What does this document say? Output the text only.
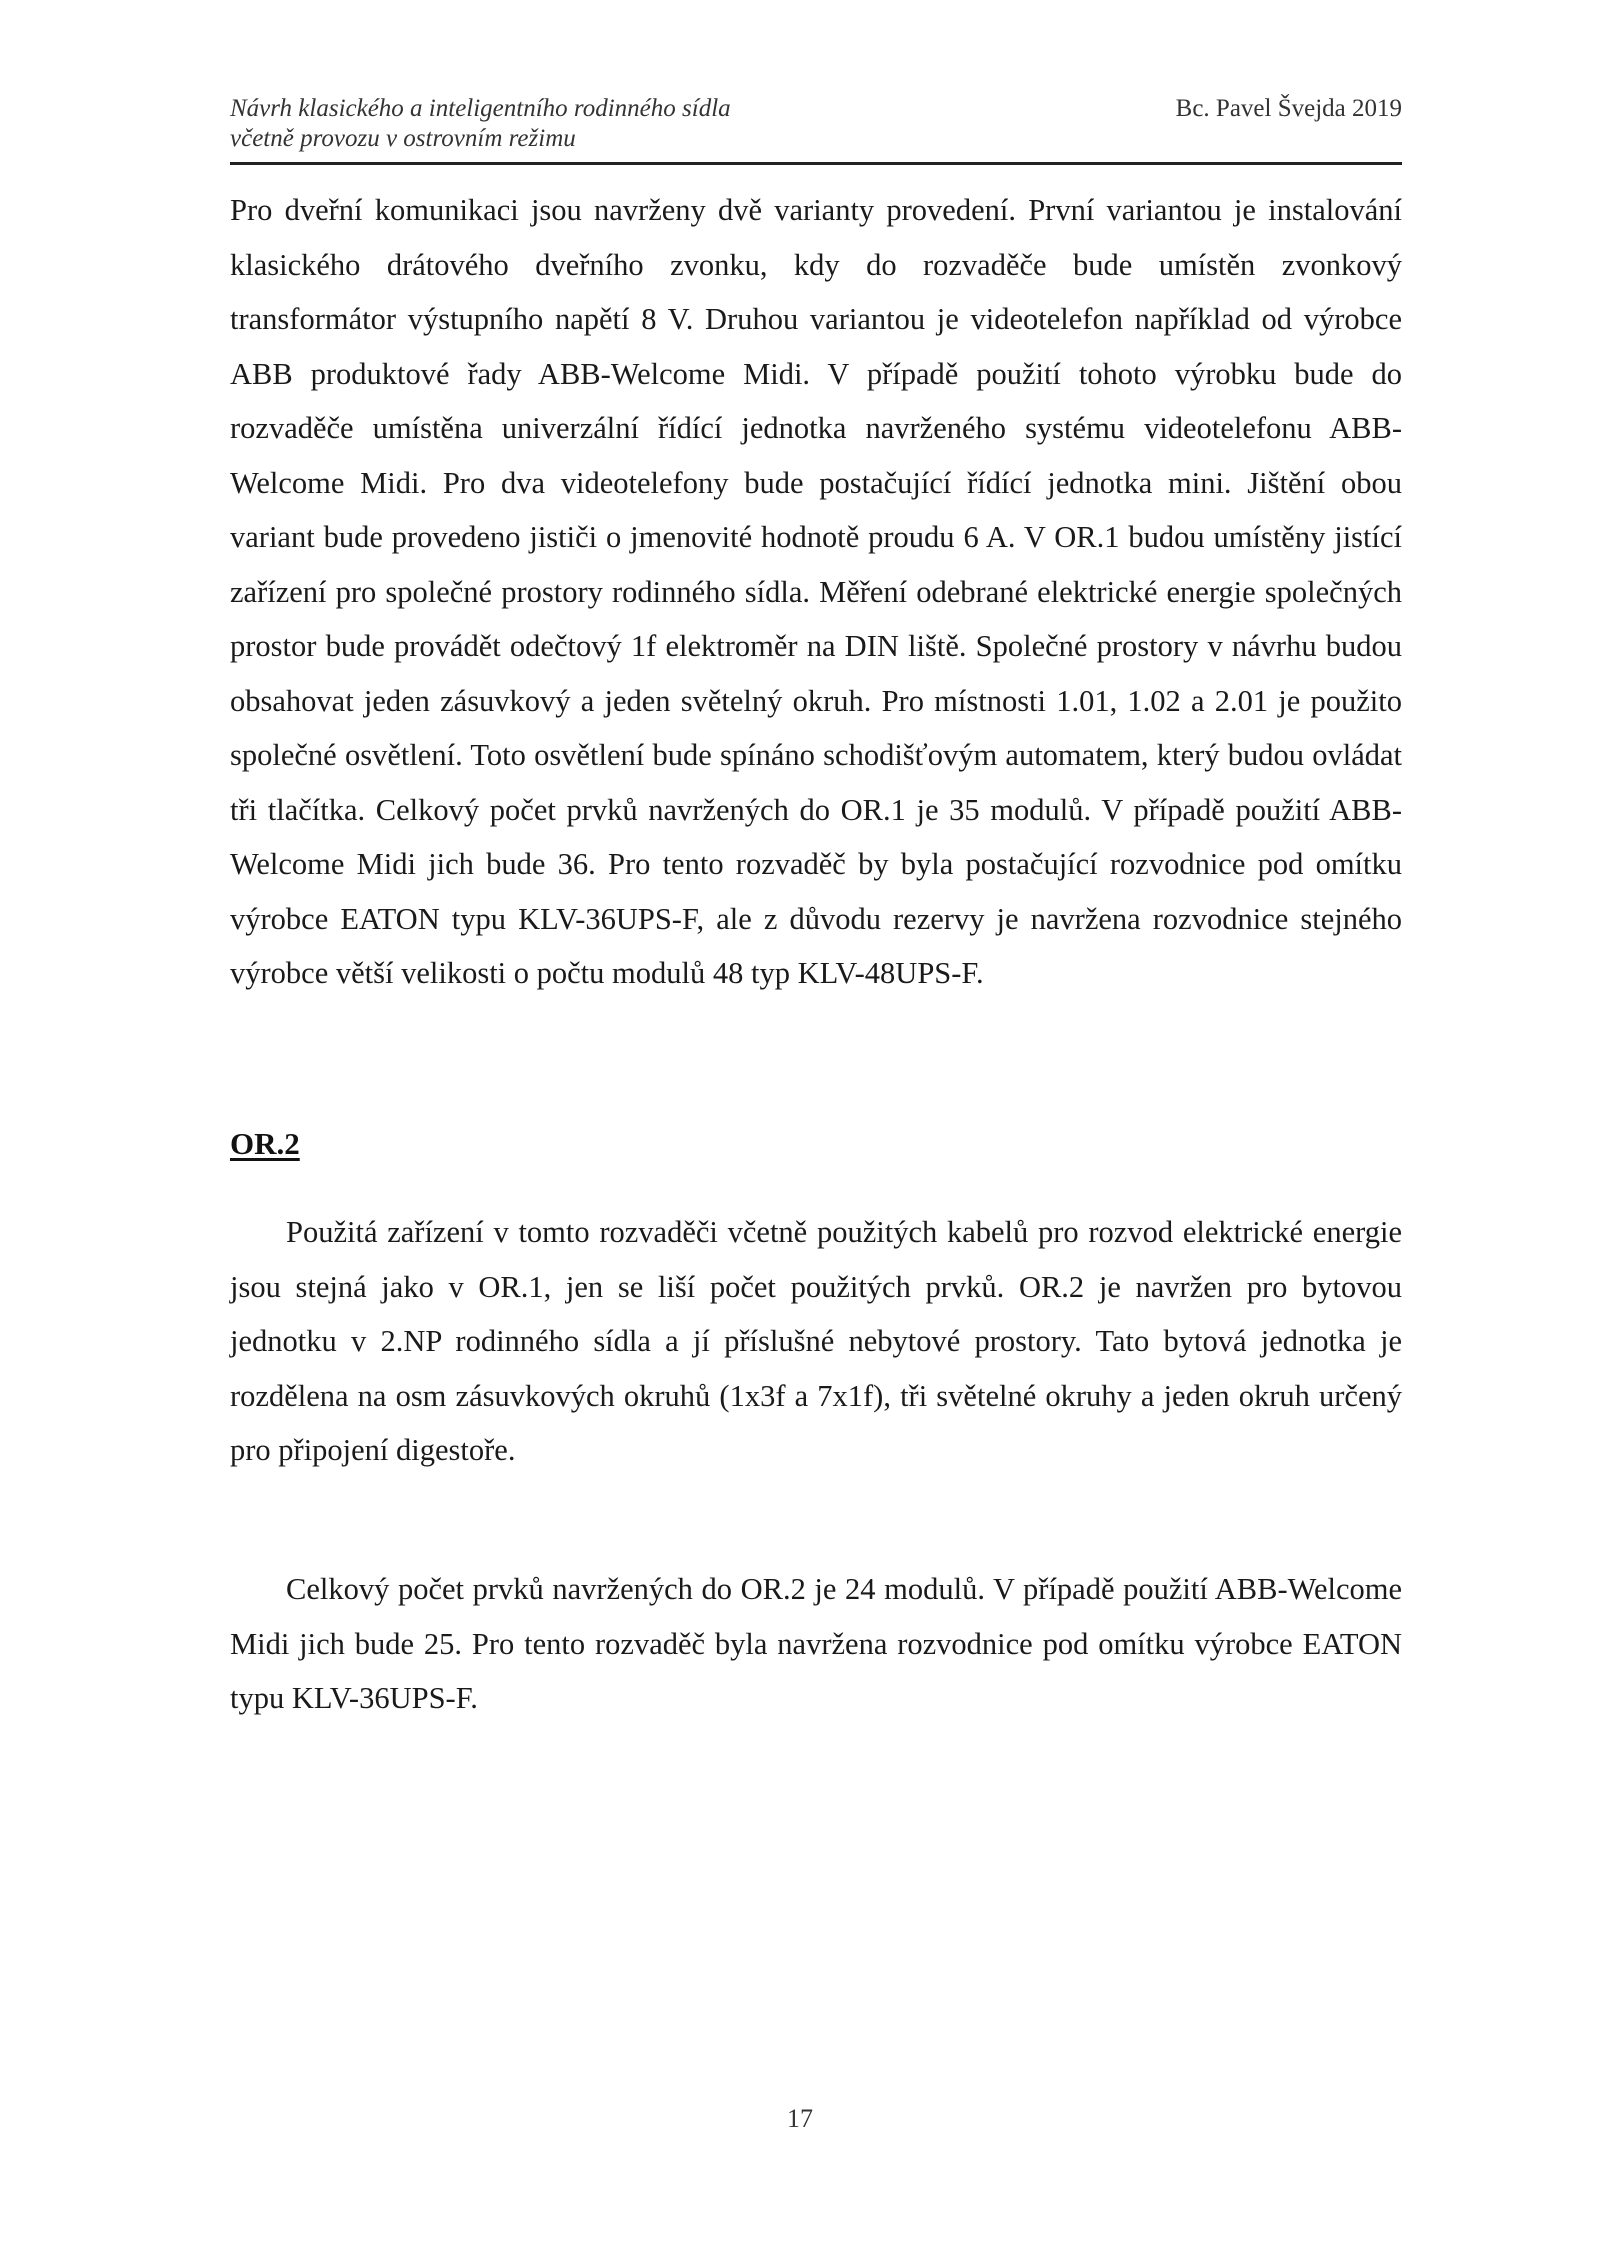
Návrh klasického a inteligentního rodinného sídla
včetně provozu v ostrovním režimu
Bc. Pavel Švejda 2019

Pro dveřní komunikaci jsou navrženy dvě varianty provedení. První variantou je instalování klasického drátového dveřního zvonku, kdy do rozvaděče bude umístěn zvonkový transformátor výstupního napětí 8 V. Druhou variantou je videotelefon například od výrobce ABB produktové řady ABB-Welcome Midi. V případě použití tohoto výrobku bude do rozvaděče umístěna univerzální řídící jednotka navrženého systému videotelefonu ABB-Welcome Midi. Pro dva videotelefony bude postačující řídící jednotka mini. Jištění obou variant bude provedeno jističi o jmenovité hodnotě proudu 6 A. V OR.1 budou umístěny jistící zařízení pro společné prostory rodinného sídla. Měření odebrané elektrické energie společných prostor bude provádět odečtový 1f elektroměr na DIN liště. Společné prostory v návrhu budou obsahovat jeden zásuvkový a jeden světelný okruh. Pro místnosti 1.01, 1.02 a 2.01 je použito společné osvětlení. Toto osvětlení bude spínáno schodišťovým automatem, který budou ovládat tři tlačítka. Celkový počet prvků navržených do OR.1 je 35 modulů. V případě použití ABB-Welcome Midi jich bude 36. Pro tento rozvaděč by byla postačující rozvodnice pod omítku výrobce EATON typu KLV-36UPS-F, ale z důvodu rezervy je navržena rozvodnice stejného výrobce větší velikosti o počtu modulů 48 typ KLV-48UPS-F.

OR.2

Použitá zařízení v tomto rozvaděči včetně použitých kabelů pro rozvod elektrické energie jsou stejná jako v OR.1, jen se liší počet použitých prvků. OR.2 je navržen pro bytovou jednotku v 2.NP rodinného sídla a jí příslušné nebytové prostory. Tato bytová jednotka je rozdělena na osm zásuvkových okruhů (1x3f a 7x1f), tři světelné okruhy a jeden okruh určený pro připojení digestoře.

Celkový počet prvků navržených do OR.2 je 24 modulů. V případě použití ABB-Welcome Midi jich bude 25. Pro tento rozvaděč byla navržena rozvodnice pod omítku výrobce EATON typu KLV-36UPS-F.

17
